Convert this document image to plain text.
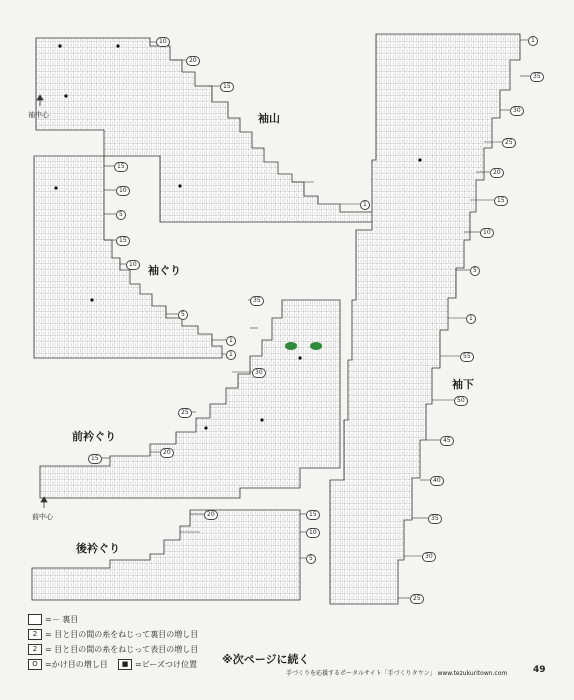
袖山
袖中心
袖ぐり
前衿ぐり
前中心
後衿ぐり
袖下
10
20
15
1
15
10
5
1
15
10
5
1
35
30
25
20
15
1
35
30
25
20
15
10
5
1
55
50
45
40
35
30
25
20	15
10
5
=－ 裏目
2 = 目と目の間の糸をねじって裏目の増し目
2 = 目と目の間の糸をねじって表目の増し目
O =かけ目の増し目	■ =ビーズつけ位置 ※次ページに続く
手づくりを応援するポータルサイト「手づくりタウン」 www.tezukuritown.com	49
